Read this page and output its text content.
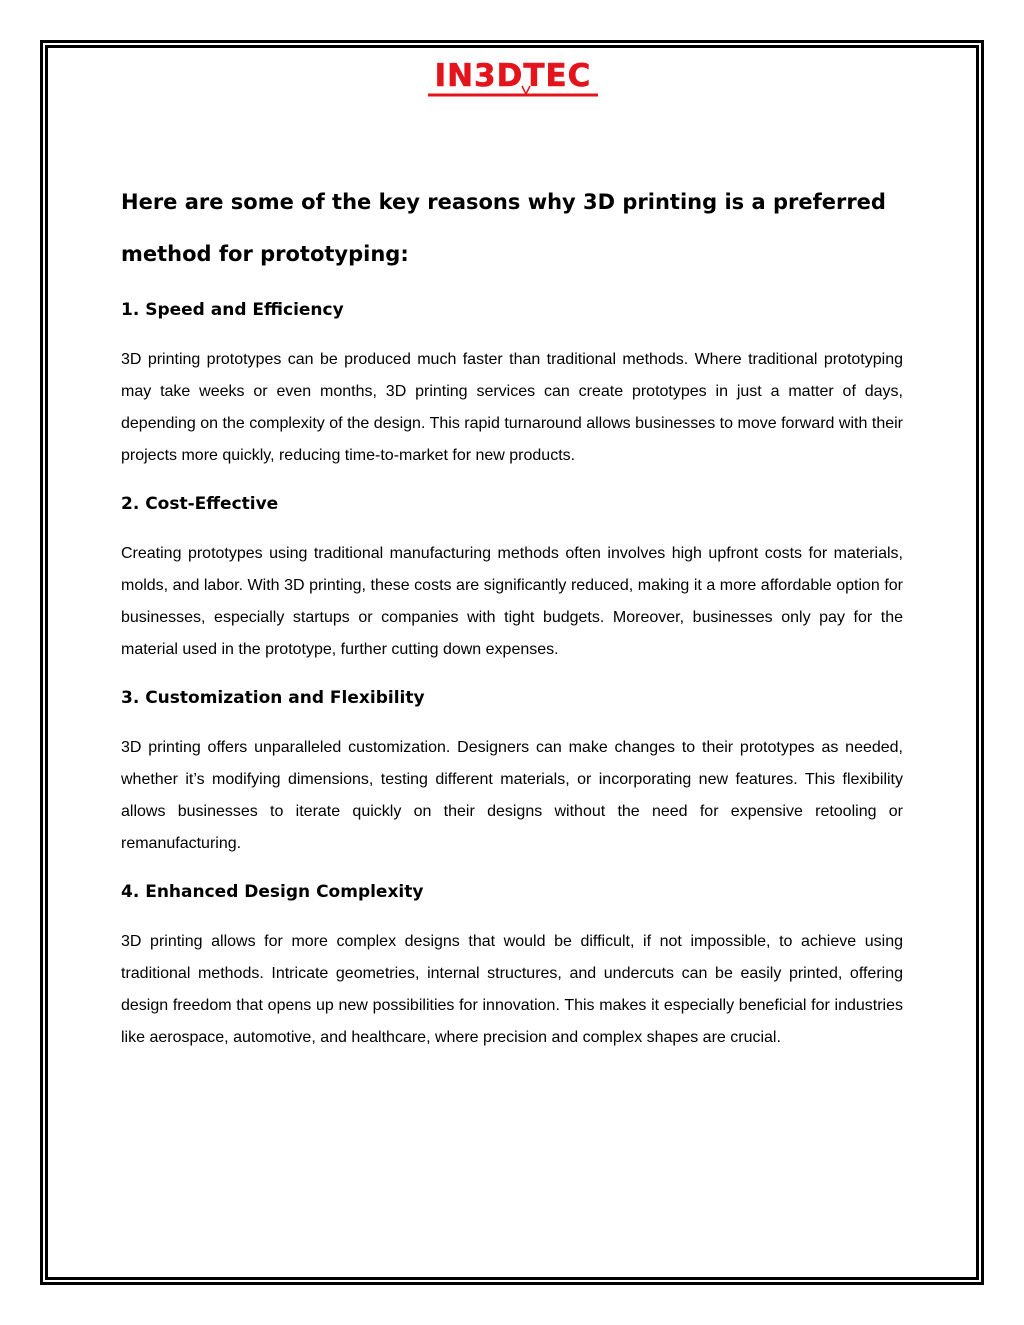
IN3DTEC
Here are some of the key reasons why 3D printing is a preferred method for prototyping:
1. Speed and Efficiency

3D printing prototypes can be produced much faster than traditional methods. Where traditional prototyping may take weeks or even months, 3D printing services can create prototypes in just a matter of days, depending on the complexity of the design. This rapid turnaround allows businesses to move forward with their projects more quickly, reducing time-to-market for new products.

2. Cost-Effective

Creating prototypes using traditional manufacturing methods often involves high upfront costs for materials, molds, and labor. With 3D printing, these costs are significantly reduced, making it a more affordable option for businesses, especially startups or companies with tight budgets. Moreover, businesses only pay for the material used in the prototype, further cutting down expenses.

3. Customization and Flexibility

3D printing offers unparalleled customization. Designers can make changes to their prototypes as needed, whether it’s modifying dimensions, testing different materials, or incorporating new features. This flexibility allows businesses to iterate quickly on their designs without the need for expensive retooling or remanufacturing.

4. Enhanced Design Complexity

3D printing allows for more complex designs that would be difficult, if not impossible, to achieve using traditional methods. Intricate geometries, internal structures, and undercuts can be easily printed, offering design freedom that opens up new possibilities for innovation. This makes it especially beneficial for industries like aerospace, automotive, and healthcare, where precision and complex shapes are crucial.
